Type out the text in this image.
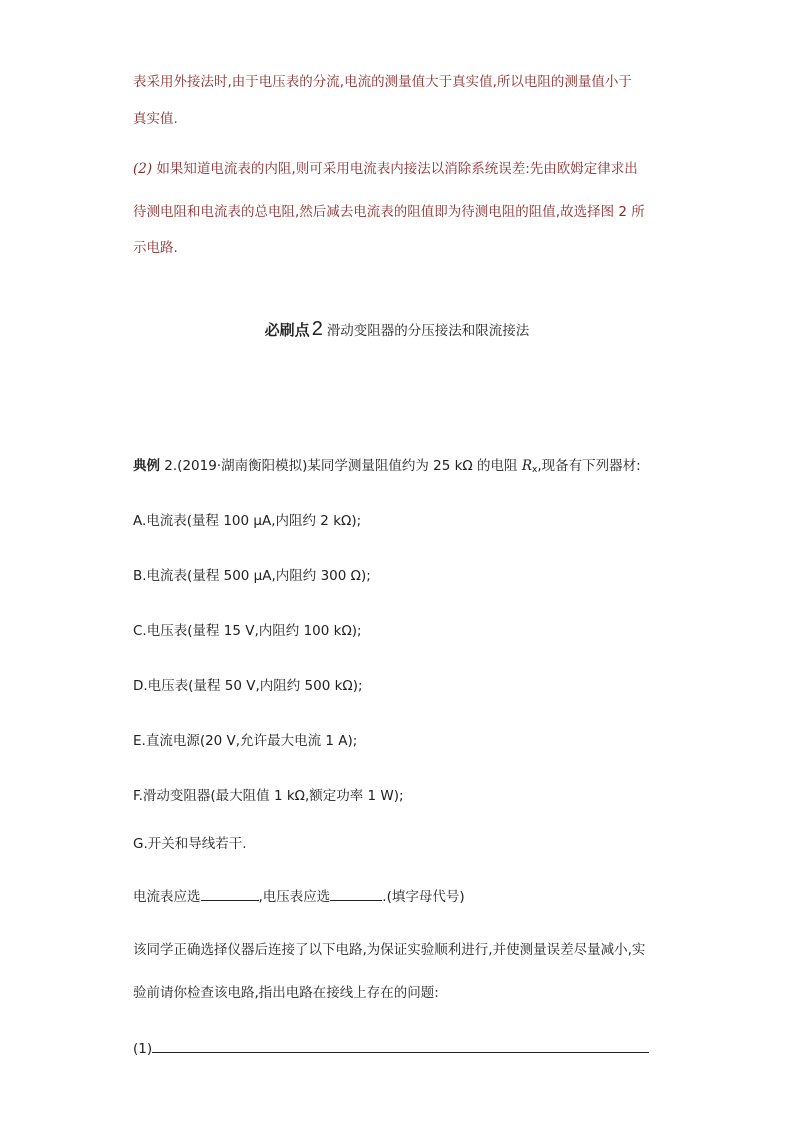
表采用外接法时,由于电压表的分流,电流的测量值大于真实值,所以电阻的测量值小于
真实值.
(2) 如果知道电流表的内阻,则可采用电流表内接法以消除系统误差:先由欧姆定律求出
待测电阻和电流表的总电阻,然后减去电流表的阻值即为待测电阻的阻值,故选择图 2 所
示电路.
必刷点 2 滑动变阻器的分压接法和限流接法
典例 2.(2019·湖南衡阳模拟)某同学测量阻值约为 25 kΩ 的电阻 Rx,现备有下列器材:
A.电流表(量程 100 μA,内阻约 2 kΩ);
B.电流表(量程 500 μA,内阻约 300 Ω);
C.电压表(量程 15 V,内阻约 100 kΩ);
D.电压表(量程 50 V,内阻约 500 kΩ);
E.直流电源(20 V,允许最大电流 1 A);
F.滑动变阻器(最大阻值 1 kΩ,额定功率 1 W);
G.开关和导线若干.
电流表应选	,电压表应选	.(填字母代号)
该同学正确选择仪器后连接了以下电路,为保证实验顺利进行,并使测量误差尽量减小,实
验前请你检查该电路,指出电路在接线上存在的问题:
(1)
